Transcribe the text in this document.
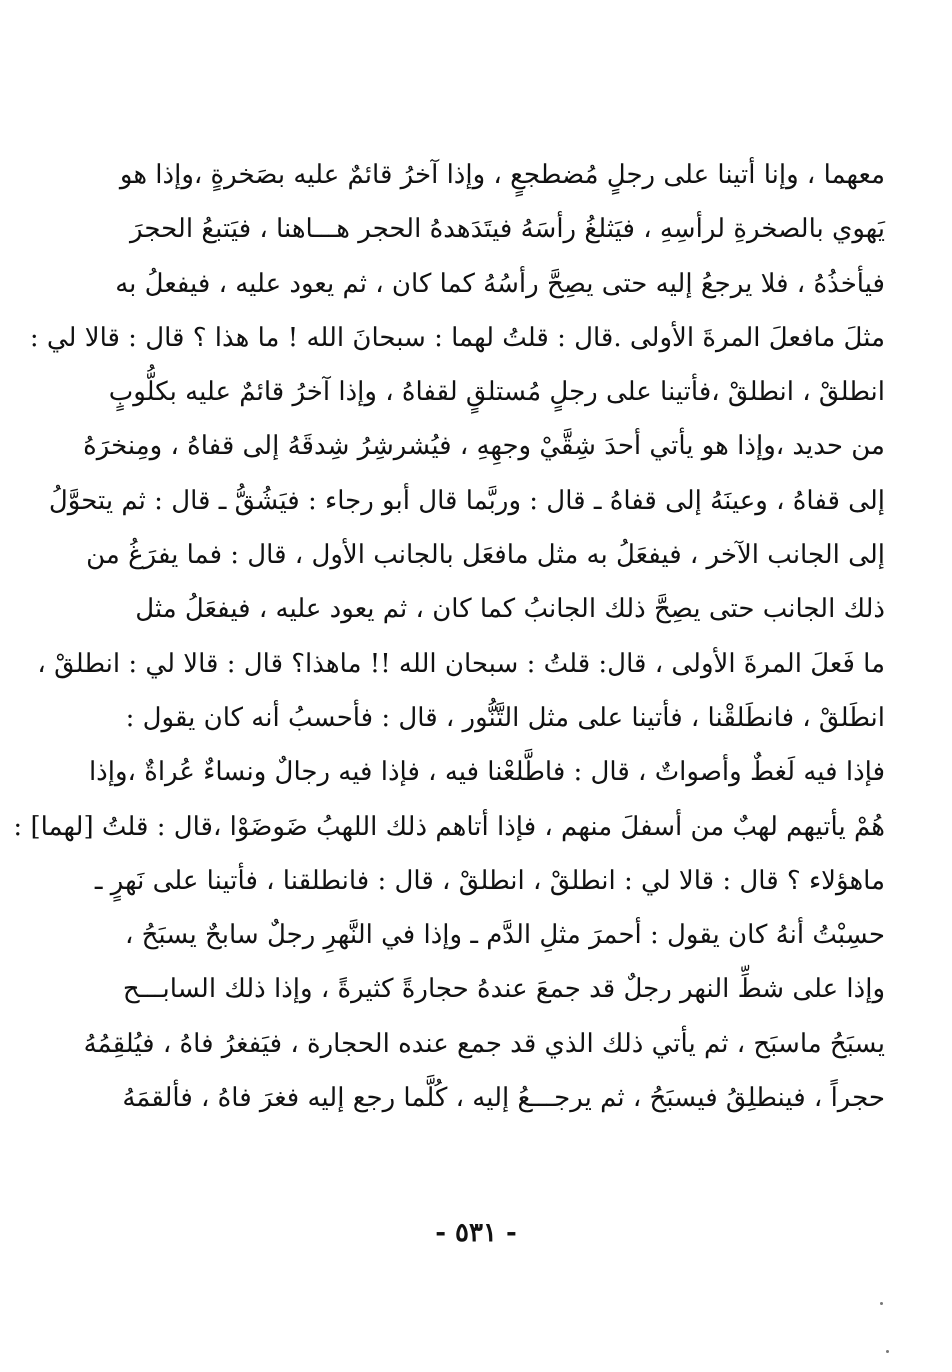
معهما ، وإنا أتينا على رجلٍ مُضطجعٍ ، وإذا آخرُ قائمٌ عليه بصَخرةٍ ،وإذا هو
يَهوي بالصخرةِ لرأسِهِ ، فيَثلغُ رأسَهُ فيتَدَهدهُ الحجر هـــاهنا ، فيَتبعُ الحجرَ
فيأخذُهُ ، فلا يرجعُ إليه حتى يصِحَّ رأسُهُ كما كان ، ثم يعود عليه ، فيفعلُ به
مثلَ مافعلَ المرةَ الأولى .قال : قلتُ لهما : سبحانَ الله ! ما هذا ؟ قال : قالا لي :
انطلقْ ، انطلقْ ،فأتينا على رجلٍ مُستلقٍ لقفاهُ ، وإذا آخرُ قائمٌ عليه بكلُّوبٍ
من حديد ،وإذا هو يأتي أحدَ شِقَّيْ وجهِهِ ، فيُشرشِرُ شِدقَهُ إلى قفاهُ ، ومِنخرَهُ
إلى قفاهُ ، وعينَهُ إلى قفاهُ ـ قال : وربَّما قال أبو رجاء : فيَشُقُّ ـ قال : ثم يتحوَّلُ
إلى الجانب الآخر ، فيفعَلُ به مثل مافعَل بالجانب الأول ، قال : فما يفرَغُ من
ذلك الجانب حتى يصِحَّ ذلك الجانبُ كما كان ، ثم يعود عليه ، فيفعَلُ مثل
ما فَعلَ المرةَ الأولى ، قال: قلتُ : سبحان الله !! ماهذا؟ قال : قالا لي : انطلقْ ،
انطَلقْ ، فانطَلقْنا ، فأتينا على مثل التَّنُّور ، قال : فأحسبُ أنه كان يقول :
فإذا فيه لَغطٌ وأصواتٌ ، قال : فاطَّلعْنا فيه ، فإذا فيه رجالٌ ونساءٌ عُراةٌ ،وإذا
هُمْ يأتيهم لهبٌ من أسفلَ منهم ، فإذا أتاهم ذلك اللهبُ ضَوضَوْا ،قال : قلتُ [لهما] :
ماهؤلاء ؟ قال : قالا لي : انطلقْ ، انطلقْ ، قال : فانطلقنا ، فأتينا على نَهرٍ ـ
حسِبْتُ أنهُ كان يقول : أحمرَ مثلِ الدَّم ـ وإذا في النَّهرِ رجلٌ سابحٌ يسبَحُ ،
وإذا على شطِّ النهر رجلٌ قد جمعَ عندهُ حجارةً كثيرةً ، وإذا ذلك السابـــح
يسبَحُ ماسبَح ، ثم يأتي ذلك الذي قد جمع عنده الحجارة ، فيَفغرُ فاهُ ، فيُلقِمُهُ
حجراً ، فينطلِقُ فيسبَحُ ، ثم يرجـــعُ إليه ، كُلَّما رجع إليه فغرَ فاهُ ، فألقمَهُ
- ٥٣١ -
